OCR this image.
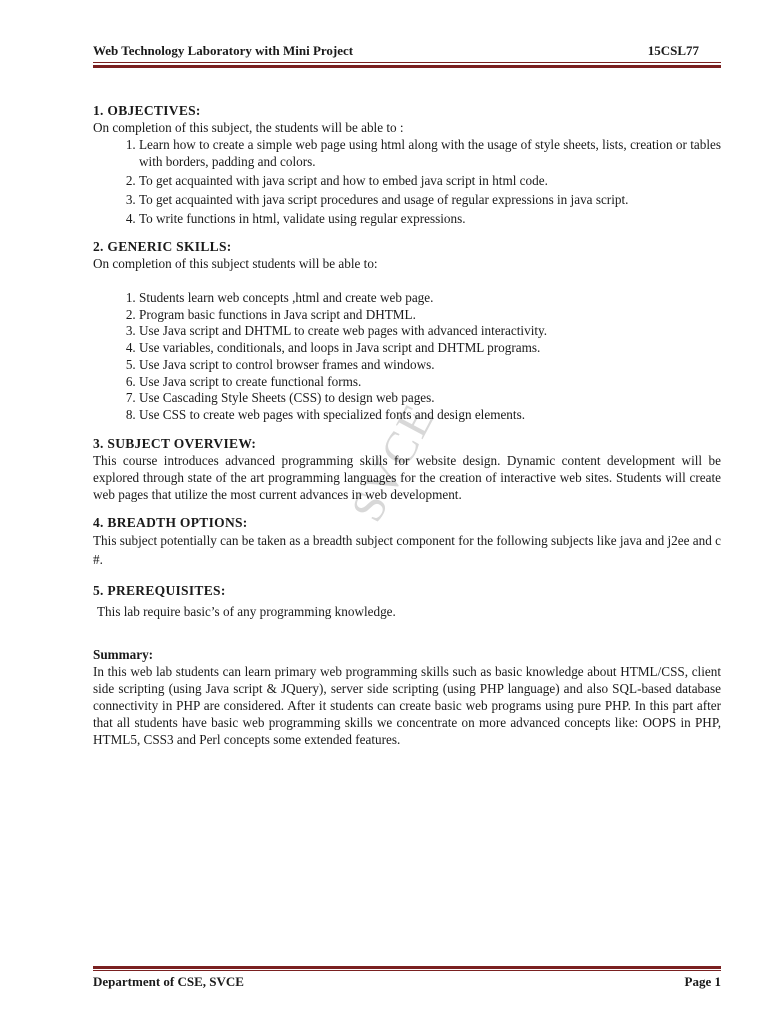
Web Technology Laboratory with Mini Project	15CSL77
SVCE

1. OBJECTIVES:

On completion of this subject, the students will be able to :

1. Learn how to create a simple web page using html along with the usage of style sheets, lists, creation or tables with borders, padding and colors.
2. To get acquainted with java script and how to embed java script in html code.
3. To get acquainted with java script procedures and usage of regular expressions in java script.
4. To write functions in html, validate using regular expressions.

2. GENERIC SKILLS:

On completion of this subject students will be able to:

1. Students learn web concepts ,html and create web page.
2. Program basic functions in Java script and DHTML.
3. Use Java script and DHTML to create web pages with advanced interactivity.
4. Use variables, conditionals, and loops in Java script and DHTML programs.
5. Use Java script to control browser frames and windows.
6. Use Java script to create functional forms.
7. Use Cascading Style Sheets (CSS) to design web pages.
8. Use CSS to create web pages with specialized fonts and design elements.

3. SUBJECT OVERVIEW:

This course introduces advanced programming skills for website design. Dynamic content development will be explored through state of the art programming languages for the creation of interactive web sites. Students will create web pages that utilize the most current advances in web development.

4. BREADTH OPTIONS:

This subject potentially can be taken as a breadth subject component for the following subjects like java and j2ee and c #.

5. PREREQUISITES:

This lab require basic’s of any programming knowledge.

Summary:

In this web lab students can learn primary web programming skills such as basic knowledge about HTML/CSS, client side scripting (using Java script & JQuery), server side scripting (using PHP language) and also SQL-based database connectivity in PHP are considered. After it students can create basic web programs using pure PHP. In this part after that all students have basic web programming skills we concentrate on more advanced concepts like: OOPS in PHP, HTML5, CSS3 and Perl concepts some extended features.

Department of CSE, SVCE	Page 1
